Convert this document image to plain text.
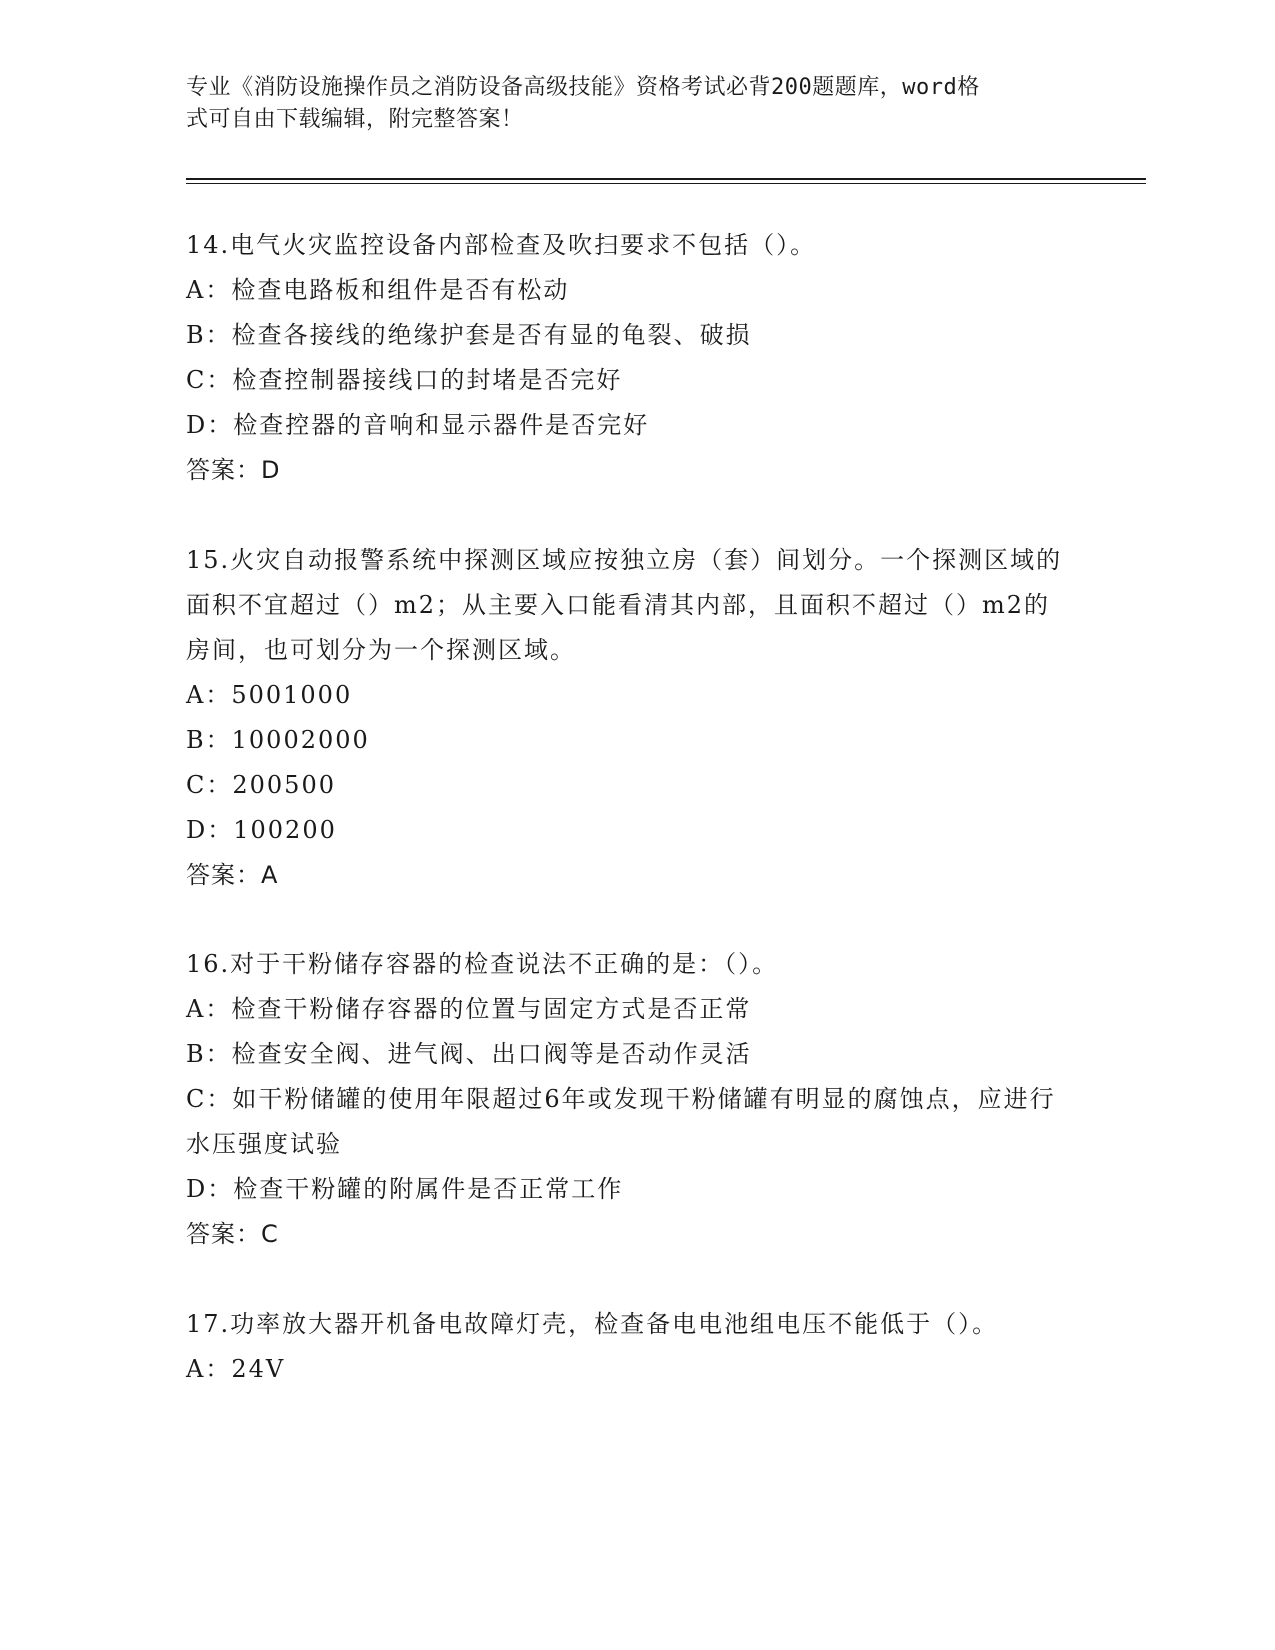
专业《消防设施操作员之消防设备高级技能》资格考试必背200题题库，word格
式可自由下载编辑，附完整答案！
14.电气火灾监控设备内部检查及吹扫要求不包括（）。
A：检查电路板和组件是否有松动
B：检查各接线的绝缘护套是否有显的龟裂、破损
C：检查控制器接线口的封堵是否完好
D：检查控器的音响和显示器件是否完好
答案：D
15.火灾自动报警系统中探测区域应按独立房（套）间划分。一个探测区域的面积不宜超过（）m2；从主要入口能看清其内部，且面积不超过（）m2的房间，也可划分为一个探测区域。
A：5001000
B：10002000
C：200500
D：100200
答案：A
16.对于干粉储存容器的检查说法不正确的是：（）。
A：检查干粉储存容器的位置与固定方式是否正常
B：检查安全阀、进气阀、出口阀等是否动作灵活
C：如干粉储罐的使用年限超过6年或发现干粉储罐有明显的腐蚀点，应进行水压强度试验
D：检查干粉罐的附属件是否正常工作
答案：C
17.功率放大器开机备电故障灯壳，检查备电电池组电压不能低于（）。
A：24V
